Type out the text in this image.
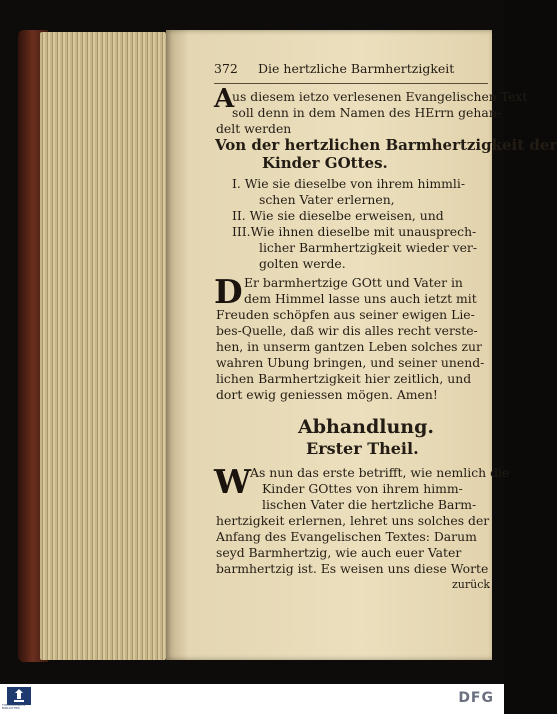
372 Die hertzliche Barmhertzigkeit
A
us diesem ietzo verlesenen Evangelischen Text
soll denn in dem Namen des HErrn gehan-
delt werden
Von der hertzlichen Barmhertzigkeit der
Kinder GOttes.
I. Wie sie dieselbe von ihrem himmli-
schen Vater erlernen,
II. Wie sie dieselbe erweisen, und
III.Wie ihnen dieselbe mit unausprech-
licher Barmhertzigkeit wieder ver-
golten werde.
D Er barmhertzige GOtt und Vater in
dem Himmel lasse uns auch ietzt mit
Freuden schöpfen aus seiner ewigen Lie-
bes-Quelle, daß wir dis alles recht verste-
hen, in unserm gantzen Leben solches zur
wahren Ubung bringen, und seiner unend-
lichen Barmhertzigkeit hier zeitlich, und
dort ewig geniessen mögen. Amen!
Abhandlung.
Erster Theil.
W
As nun das erste betrifft, wie nemlich die
Kinder GOttes von ihrem himm-
lischen Vater die hertzliche Barm-
hertzigkeit erlernen, lehret uns solches der
Anfang des Evangelischen Textes: Darum
seyd Barmhertzig, wie auch euer Vater
barmhertzig ist. Es weisen uns diese Worte
zurück
THEOLOGISCHE BIBLIOTHEK
DFG
